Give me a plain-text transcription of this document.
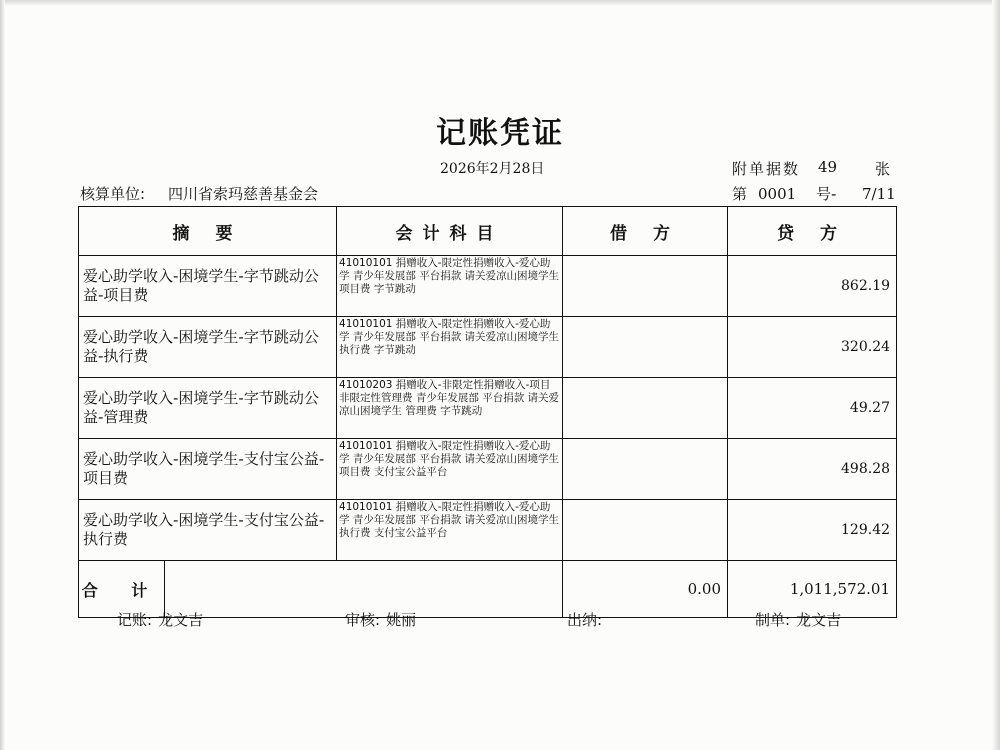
记账凭证
2026年2月28日	附单据数 49	张
核算单位: 四川省索玛慈善基金会	第 0001 号- 7/11
摘 要		会计科目	借 方	贷 方
爱心助学收入-困境学生-字节跳动公益-项目费		41010101 捐赠收入-限定性捐赠收入-爱心助学 青少年发展部 平台捐款 请关爱凉山困境学生 项目费 字节跳动		862.19
爱心助学收入-困境学生-字节跳动公益-执行费		41010101 捐赠收入-限定性捐赠收入-爱心助学 青少年发展部 平台捐款 请关爱凉山困境学生 执行费 字节跳动		320.24
爱心助学收入-困境学生-字节跳动公益-管理费		41010203 捐赠收入-非限定性捐赠收入-项目非限定性管理费 青少年发展部 平台捐款 请关爱凉山困境学生 管理费 字节跳动		49.27
爱心助学收入-困境学生-支付宝公益-项目费		41010101 捐赠收入-限定性捐赠收入-爱心助学 青少年发展部 平台捐款 请关爱凉山困境学生 项目费 支付宝公益平台		498.28
爱心助学收入-困境学生-支付宝公益-执行费		41010101 捐赠收入-限定性捐赠收入-爱心助学 青少年发展部 平台捐款 请关爱凉山困境学生 执行费 支付宝公益平台		129.42
合 计			0.00	1,011,572.01
记账: 龙文吉	审核: 姚丽	出纳:	制单: 龙文吉
